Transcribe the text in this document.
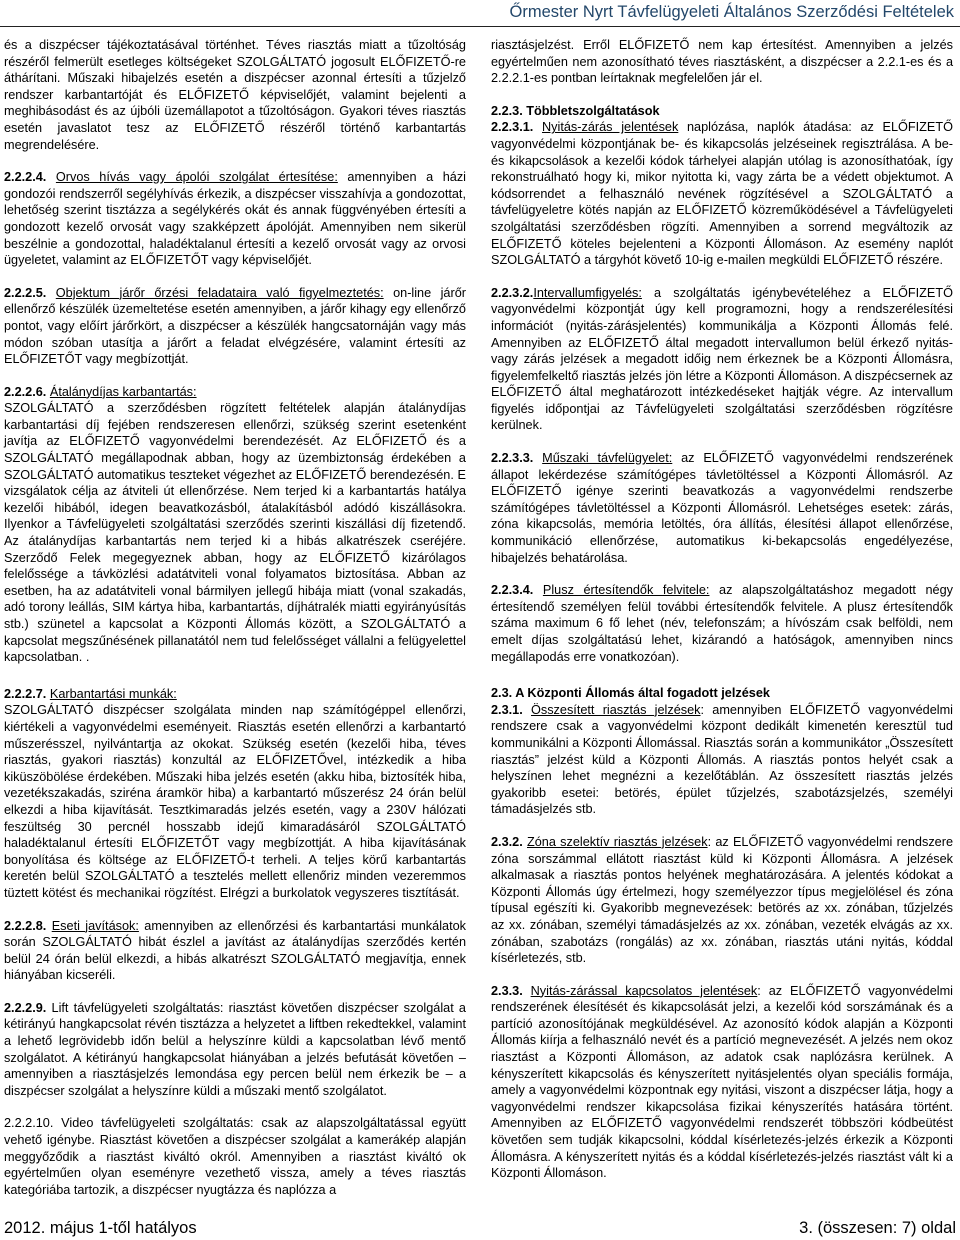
Őrmester Nyrt Távfelügyeleti Általános Szerződési Feltételek

és a diszpécser tájékoztatásával történhet. Téves riasztás miatt a tűzoltóság részéről felmerült esetleges költségeket SZOLGÁLTATÓ jogosult ELŐFIZETŐ-re áthárítani. Műszaki hibajelzés esetén a diszpécser azonnal értesíti a tűzjelző rendszer karbantartóját és ELŐFIZETŐ képviselőjét, valamint bejelenti a meghibásodást és az újbóli üzemállapotot a tűzoltóságon. Gyakori téves riasztás esetén javaslatot tesz az ELŐFIZETŐ részéről történő karbantartás megrendelésére.

2.2.2.4. Orvos hívás vagy ápolói szolgálat értesítése: amennyiben a házi gondozói rendszerről segélyhívás érkezik, a diszpécser visszahívja a gondozottat, lehetőség szerint tisztázza a segélykérés okát és annak függvényében értesíti a gondozott kezelő orvosát vagy szakképzett ápolóját. Amennyiben nem sikerül beszélnie a gondozottal, haladéktalanul értesíti a kezelő orvosát vagy az orvosi ügyeletet, valamint az ELŐFIZETŐT vagy képviselőjét.

2.2.2.5. Objektum járőr őrzési feladataira való figyelmeztetés: on-line járőr ellenőrző készülék üzemeltetése esetén amennyiben, a járőr kihagy egy ellenőrző pontot, vagy előírt járőrkört, a diszpécser a készülék hangcsatornáján vagy más módon szóban utasítja a járőrt a feladat elvégzésére, valamint értesíti az ELŐFIZETŐT vagy megbízottját.

2.2.2.6. Átalánydíjas karbantartás:
SZOLGÁLTATÓ a szerződésben rögzített feltételek alapján átalánydíjas karbantartási díj fejében rendszeresen ellenőrzi, szükség szerint esetenként javítja az ELŐFIZETŐ vagyonvédelmi berendezését. Az ELŐFIZETŐ és a SZOLGÁLTATÓ megállapodnak abban, hogy az üzembiztonság érdekében a SZOLGÁLTATÓ automatikus teszteket végezhet az ELŐFIZETŐ berendezésén. E vizsgálatok célja az átviteli út ellenőrzése. Nem terjed ki a karbantartás hatálya kezelői hibából, idegen beavatkozásból, átalakításból adódó kiszállásokra. Ilyenkor a Távfelügyeleti szolgáltatási szerződés szerinti kiszállási díj fizetendő. Az átalánydíjas karbantartás nem terjed ki a hibás alkatrészek cseréjére. Szerződő Felek megegyeznek abban, hogy az ELŐFIZETŐ kizárólagos felelőssége a távközlési adatátviteli vonal folyamatos biztosítása. Abban az esetben, ha az adatátviteli vonal bármilyen jellegű hibája miatt (vonal szakadás, adó torony leállás, SIM kártya hiba, karbantartás, díjhátralék miatti egyirányúsítás stb.) szünetel a kapcsolat a Központi Állomás között, a SZOLGÁLTATÓ a kapcsolat megszűnésének pillanatától nem tud felelősséget vállalni a felügyelettel kapcsolatban. .

2.2.2.7. Karbantartási munkák:
SZOLGÁLTATÓ diszpécser szolgálata minden nap számítógéppel ellenőrzi, kiértékeli a vagyonvédelmi eseményeit. Riasztás esetén ellenőrzi a karbantartó műszerésszel, nyilvántartja az okokat. Szükség esetén (kezelői hiba, téves riasztás, gyakori riasztás) konzultál az ELŐFIZETŐvel, intézkedik a hiba kiküszöbölése érdekében. Műszaki hiba jelzés esetén (akku hiba, biztosíték hiba, vezetékszakadás, sziréna áramkör hiba) a karbantartó műszerész 24 órán belül elkezdi a hiba kijavítását. Tesztkimaradás jelzés esetén, vagy a 230V hálózati feszültség 30 percnél hosszabb idejű kimaradásáról SZOLGÁLTATÓ haladéktalanul értesíti ELŐFIZETŐT vagy megbízottját. A hiba kijavításának bonyolítása és költsége az ELŐFIZETŐ-t terheli. A teljes körű karbantartás keretén belül SZOLGÁLTATÓ a tesztelés mellett ellenőriz minden vezeremmos tüztett kötést és mechanikai rögzítést. Elrégzi a burkolatok vegyszeres tisztítását.

2.2.2.8. Eseti javítások: amennyiben az ellenőrzési és karbantartási munkálatok során SZOLGÁLTATÓ hibát észlel a javítást az átalánydíjas szerződés kertén belül 24 órán belül elkezdi, a hibás alkatrészt SZOLGÁLTATÓ megjavítja, ennek hiányában kicseréli.

2.2.2.9. Lift távfelügyeleti szolgáltatás: riasztást követően diszpécser szolgálat a kétirányú hangkapcsolat révén tisztázza a helyzetet a liftben rekedtekkel, valamint a lehető legrövidebb időn belül a helyszínre küldi a kapcsolatban lévő mentő szolgálatot. A kétirányú hangkapcsolat hiányában a jelzés befutását követően – amennyiben a riasztásjelzés lemondása egy percen belül nem érkezik be – a diszpécser szolgálat a helyszínre küldi a műszaki mentő szolgálatot.

2.2.2.10. Video távfelügyeleti szolgáltatás: csak az alapszolgáltatással együtt vehető igénybe. Riasztást követően a diszpécser szolgálat a kamerákép alapján meggyőződik a riasztást kiváltó okról. Amennyiben a riasztást kiváltó ok egyértelműen olyan eseményre vezethető vissza, amely a téves riasztás kategóriába tartozik, a diszpécser nyugtázza és naplózza a

riasztásjelzést. Erről ELŐFIZETŐ nem kap értesítést. Amennyiben a jelzés egyértelműen nem azonosítható téves riasztásként, a diszpécser a 2.2.1-es és a 2.2.2.1-es pontban leírtaknak megfelelően jár el.

2.2.3. Többletszolgáltatások

2.2.3.1. Nyitás-zárás jelentések naplózása, naplók átadása: az ELŐFIZETŐ vagyonvédelmi központjának be- és kikapcsolás jelzéseinek regisztrálása. A be- és kikapcsolások a kezelői kódok tárhelyei alapján utólag is azonosíthatóak, így rekonstruálható hogy ki, mikor nyitotta ki, vagy zárta be a védett objektumot. A kódsorrendet a felhasználó nevének rögzítésével a SZOLGÁLTATÓ a távfelügyeletre kötés napján az ELŐFIZETŐ közreműködésével a Távfelügyeleti szolgáltatási szerződésben rögzíti. Amennyiben a sorrend megváltozik az ELŐFIZETŐ köteles bejelenteni a Központi Állomáson. Az esemény naplót SZOLGÁLTATÓ a tárgyhót követő 10-ig e-mailen megküldi ELŐFIZETŐ részére.

2.2.3.2.Intervallumfigyelés: a szolgáltatás igénybevételéhez a ELŐFIZETŐ vagyonvédelmi központját úgy kell programozni, hogy a rendszerélesítési információt (nyitás-zárásjelentés) kommunikálja a Központi Állomás felé. Amennyiben az ELŐFIZETŐ által megadott intervallumon belül érkező nyitás- vagy zárás jelzések a megadott időig nem érkeznek be a Központi Állomásra, figyelemfelkeltő riasztás jelzés jön létre a Központi Állomáson. A diszpécsernek az ELŐFIZETŐ által meghatározott intézkedéseket hajtják végre. Az intervallum figyelés időpontjai az Távfelügyeleti szolgáltatási szerződésben rögzítésre kerülnek.

2.2.3.3. Műszaki távfelügyelet: az ELŐFIZETŐ vagyonvédelmi rendszerének állapot lekérdezése számítógépes távletöltéssel a Központi Állomásról. Az ELŐFIZETŐ igénye szerinti beavatkozás a vagyonvédelmi rendszerbe számítógépes távletöltéssel a Központi Állomásról. Lehetséges esetek: zárás, zóna kikapcsolás, memória letöltés, óra állítás, élesítési állapot ellenőrzése, kommunikáció ellenőrzése, automatikus ki-bekapcsolás engedélyezése, hibajelzés behatárolása.

2.2.3.4. Plusz értesítendők felvitele: az alapszolgáltatáshoz megadott négy értesítendő személyen felül további értesítendők felvitele. A plusz értesítendők száma maximum 6 fő lehet (név, telefonszám; a hívószám csak belföldi, nem emelt díjas szolgáltatású lehet, kizárandó a hatóságok, amennyiben nincs megállapodás erre vonatkozóan).

2.3. A Központi Állomás által fogadott jelzések

2.3.1. Összesített riasztás jelzések: amennyiben ELŐFIZETŐ vagyonvédelmi rendszere csak a vagyonvédelmi központ dedikált kimenetén keresztül tud kommunikálni a Központi Állomással. Riasztás során a kommunikátor „Összesített riasztás” jelzést küld a Központi Állomás. A riasztás pontos helyét csak a helyszínen lehet megnézni a kezelőtáblán. Az összesített riasztás jelzés gyakoribb esetei: betörés, épület tűzjelzés, szabotázsjelzés, személyi támadásjelzés stb.

2.3.2. Zóna szelektív riasztás jelzések: az ELŐFIZETŐ vagyonvédelmi rendszere zóna sorszámmal ellátott riasztást küld ki Központi Állomásra. A jelzések alkalmasak a riasztás pontos helyének meghatározására. A jelentés kódokat a Központi Állomás úgy értelmezi, hogy személyezzor típus megjelölésel és zóna típusal egészíti ki. Gyakoribb megnevezések: betörés az xx. zónában, tűzjelzés az xx. zónában, személyi támadásjelzés az xx. zónában, vezeték elvágás az xx. zónában, szabotázs (rongálás) az xx. zónában, riasztás utáni nyitás, kóddal kísérletezés, stb.

2.3.3. Nyitás-zárással kapcsolatos jelentések: az ELŐFIZETŐ vagyonvédelmi rendszerének élesítését és kikapcsolását jelzi, a kezelői kód sorszámának és a partíció azonosítójának megküldésével. Az azonosító kódok alapján a Központi Állomás kiírja a felhasználó nevét és a partíció megnevezését. A jelzés nem okoz riasztást a Központi Állomáson, az adatok csak naplózásra kerülnek. A kényszerített kikapcsolás és kényszerített nyitásjelentés olyan speciális formája, amely a vagyonvédelmi központnak egy nyitási, viszont a diszpécser látja, hogy a vagyonvédelmi rendszer kikapcsolása fizikai kényszerítés hatására történt. Amennyiben az ELŐFIZETŐ vagyonvédelmi rendszerét többszöri kódbeütést követően sem tudják kikapcsolni, kóddal kísérletezés-jelzés érkezik a Központi Állomásra. A kényszerített nyitás és a kóddal kísérletezés-jelzés riasztást vált ki a Központi Állomáson.

2012. május 1-től hatályos	3. (összesen: 7) oldal
